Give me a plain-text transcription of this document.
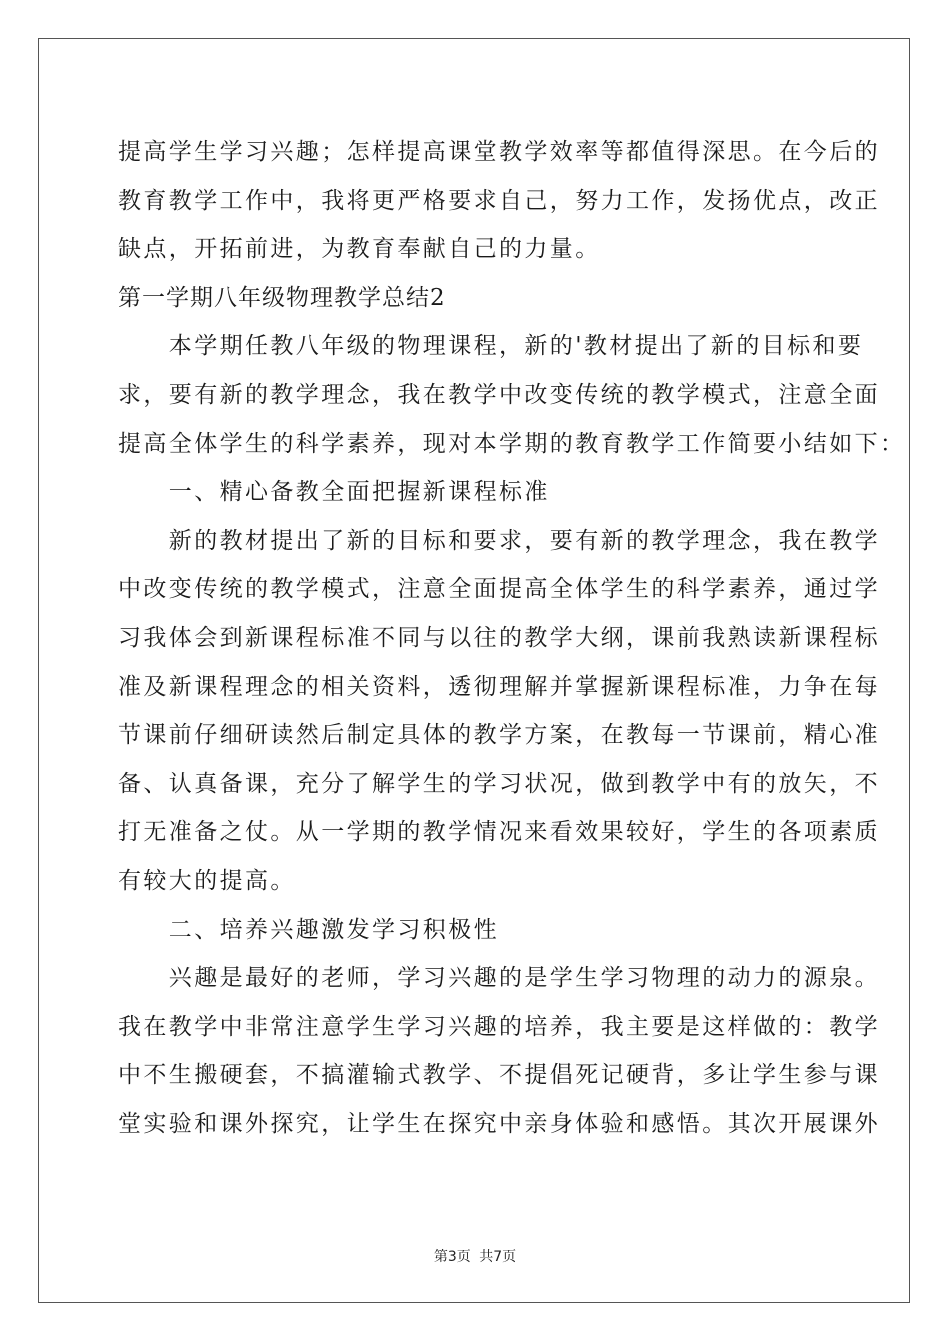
提高学生学习兴趣；怎样提高课堂教学效率等都值得深思。在今后的
教育教学工作中，我将更严格要求自己，努力工作，发扬优点，改正
缺点，开拓前进，为教育奉献自己的力量。
第一学期八年级物理教学总结2
　　本学期任教八年级的物理课程，新的'教材提出了新的目标和要
求，要有新的教学理念，我在教学中改变传统的教学模式，注意全面
提高全体学生的科学素养，现对本学期的教育教学工作简要小结如下：
　　一、精心备教全面把握新课程标准
　　新的教材提出了新的目标和要求，要有新的教学理念，我在教学
中改变传统的教学模式，注意全面提高全体学生的科学素养，通过学
习我体会到新课程标准不同与以往的教学大纲，课前我熟读新课程标
准及新课程理念的相关资料，透彻理解并掌握新课程标准，力争在每
节课前仔细研读然后制定具体的教学方案，在教每一节课前，精心准
备、认真备课，充分了解学生的学习状况，做到教学中有的放矢，不
打无准备之仗。从一学期的教学情况来看效果较好，学生的各项素质
有较大的提高。
　　二、培养兴趣激发学习积极性
　　兴趣是最好的老师，学习兴趣的是学生学习物理的动力的源泉。
我在教学中非常注意学生学习兴趣的培养，我主要是这样做的：教学
中不生搬硬套，不搞灌输式教学、不提倡死记硬背，多让学生参与课
堂实验和课外探究，让学生在探究中亲身体验和感悟。其次开展课外
第3页 共7页
